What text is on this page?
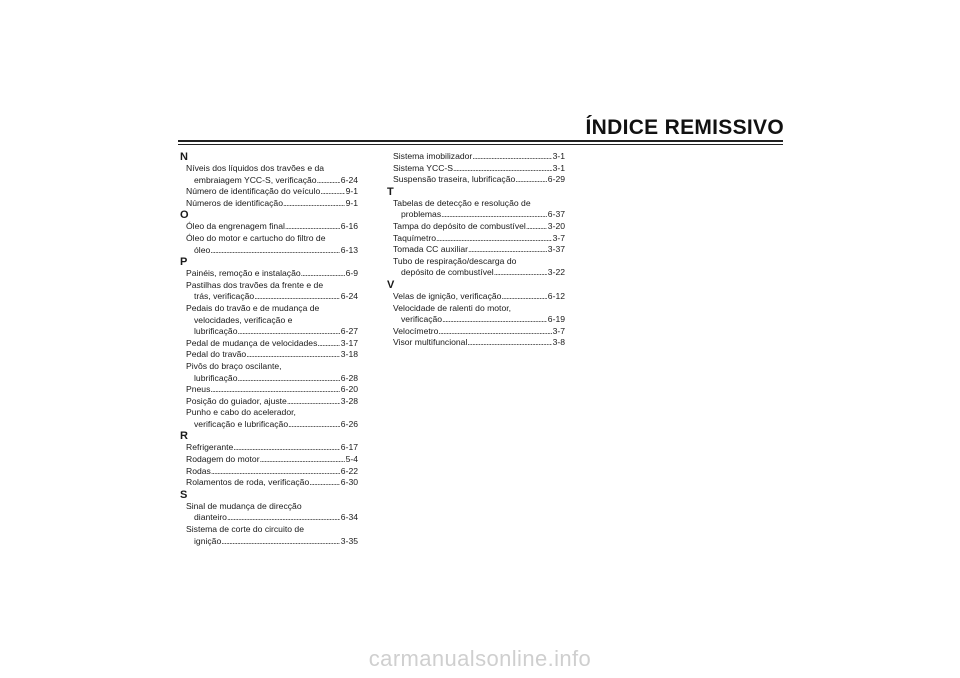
ÍNDICE REMISSIVO
N
Níveis dos líquidos dos travões e da
embraiagem YCC-S, verificação . . .	6-24
Número de identificação do veículo . . .	9-1
Números de identificação . . .	9-1
O
Óleo da engrenagem final . . .	6-16
Óleo do motor e cartucho do filtro de
óleo . . .	6-13
P
Painéis, remoção e instalação . . .	6-9
Pastilhas dos travões da frente e de
trás, verificação . . .	6-24
Pedais do travão e de mudança de
velocidades, verificação e
lubrificação . . .	6-27
Pedal de mudança de velocidades . . .	3-17
Pedal do travão . . .	3-18
Pivôs do braço oscilante,
lubrificação . . .	6-28
Pneus . . .	6-20
Posição do guiador, ajuste . . .	3-28
Punho e cabo do acelerador,
verificação e lubrificação . . .	6-26
R
Refrigerante . . .	6-17
Rodagem do motor . . .	5-4
Rodas . . .	6-22
Rolamentos de roda, verificação . . .	6-30
S
Sinal de mudança de direcção
dianteiro . . .	6-34
Sistema de corte do circuito de
ignição . . .	3-35
Sistema imobilizador . . .	3-1
Sistema YCC-S . . .	3-1
Suspensão traseira, lubrificação . . .	6-29
T
Tabelas de detecção e resolução de
problemas . . .	6-37
Tampa do depósito de combustível . . .	3-20
Taquímetro . . .	3-7
Tomada CC auxiliar . . .	3-37
Tubo de respiração/descarga do
depósito de combustível . . .	3-22
V
Velas de ignição, verificação . . .	6-12
Velocidade de ralenti do motor,
verificação . . .	6-19
Velocímetro . . .	3-7
Visor multifuncional . . .	3-8
carmanualsonline.info
